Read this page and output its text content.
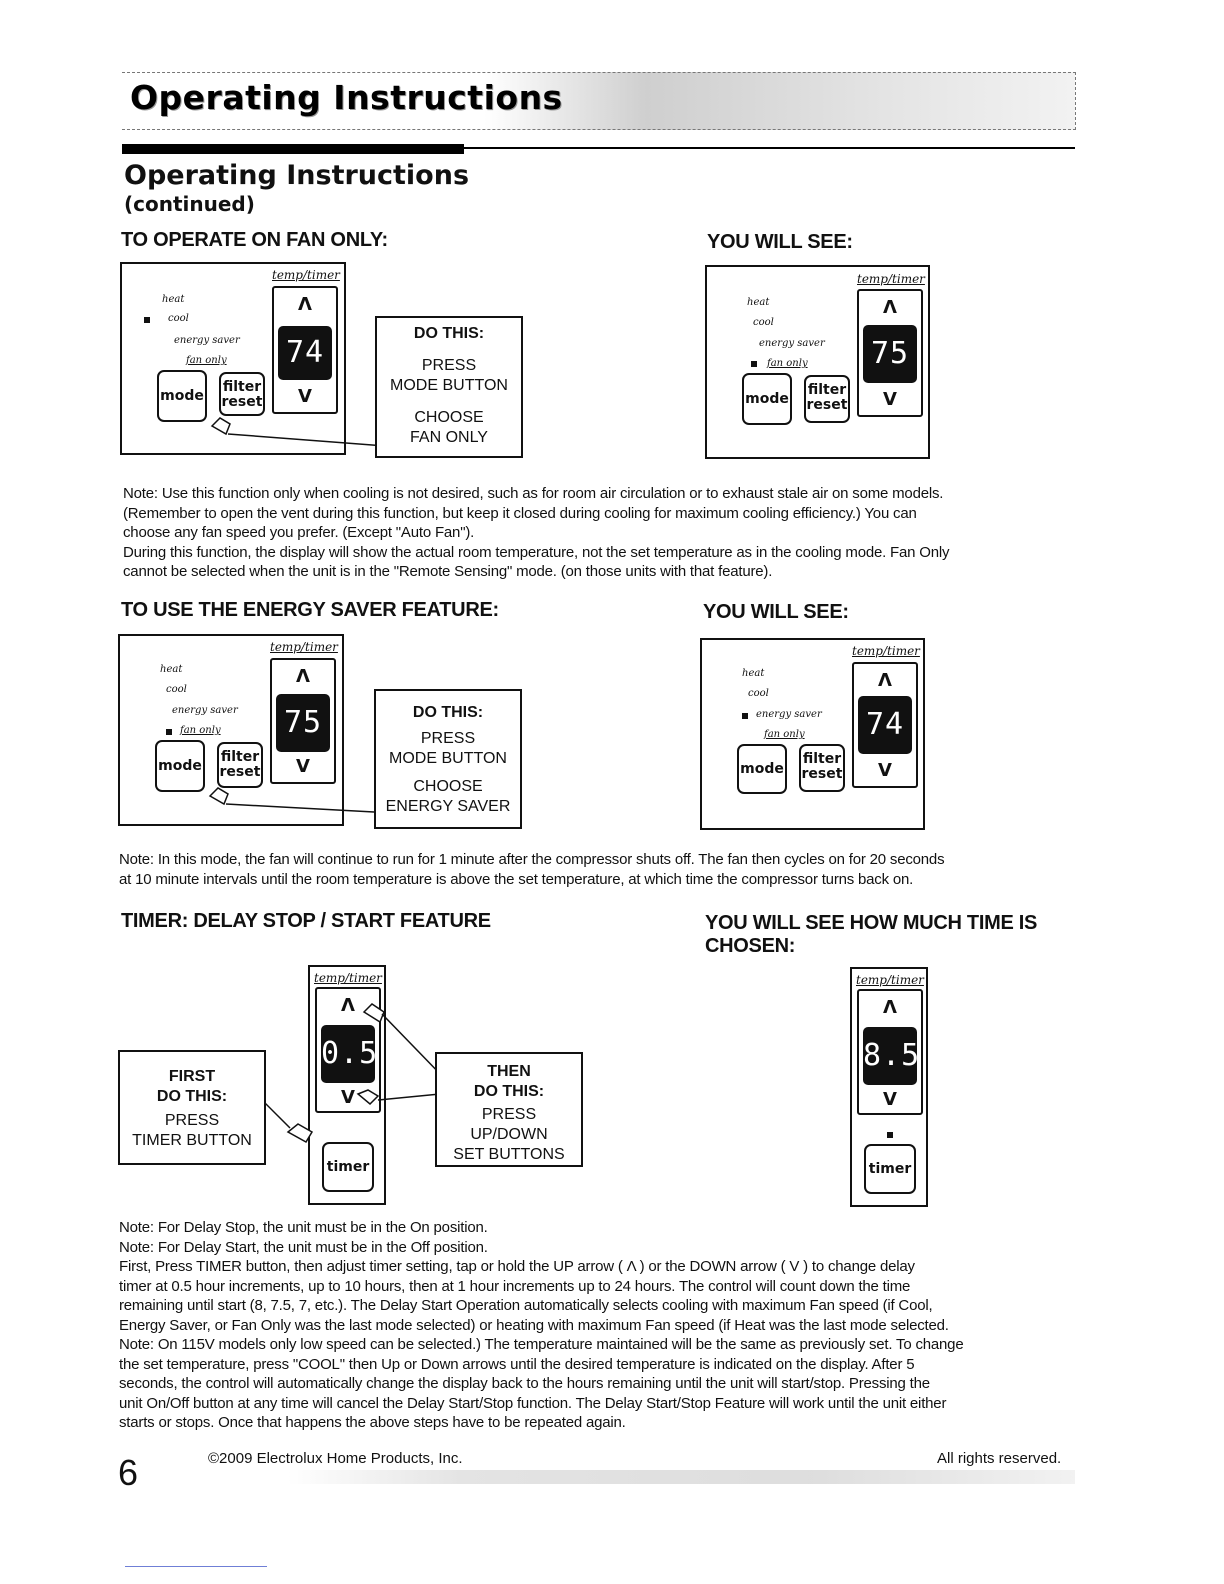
Operating Instructions
Operating Instructions
(continued)
TO OPERATE ON FAN ONLY:	YOU WILL SEE:
temp/timer
heat
cool
energy saver
fan only
Λ
74
V
mode
filter
reset
DO THIS:
PRESS
MODE BUTTON
CHOOSE
FAN ONLY
temp/timer
heat
cool
energy saver
fan only
Λ
75
V
mode
filter
reset
Note: Use this function only when cooling is not desired, such as for room air circulation or to exhaust stale air on some models.
(Remember to open the vent during this function, but keep it closed during cooling for maximum cooling efficiency.) You can
choose any fan speed you prefer. (Except "Auto Fan").
During this function, the display will show the actual room temperature, not the set temperature as in the cooling mode. Fan Only
cannot be selected when the unit is in the "Remote Sensing" mode. (on those units with that feature).
TO USE THE ENERGY SAVER FEATURE:	YOU WILL SEE:
temp/timer
heat
cool
energy saver
fan only
Λ
75
V
mode
filter
reset
DO THIS:
PRESS
MODE BUTTON
CHOOSE
ENERGY SAVER
temp/timer
heat
cool
energy saver
fan only
Λ
74
V
mode
filter
reset
Note: In this mode, the fan will continue to run for 1 minute after the compressor shuts off. The fan then cycles on for 20 seconds
at 10 minute intervals until the room temperature is above the set temperature, at which time the compressor turns back on.
TIMER: DELAY STOP / START FEATURE	YOU WILL SEE HOW MUCH TIME IS
CHOSEN:
temp/timer
Λ
0.5
V
timer
FIRST
DO THIS:
PRESS
TIMER BUTTON
THEN
DO THIS:
PRESS
UP/DOWN
SET BUTTONS
temp/timer
Λ
8.5
V
timer
Note: For Delay Stop, the unit must be in the On position.
Note: For Delay Start, the unit must be in the Off position.
First, Press TIMER button, then adjust timer setting, tap or hold the UP arrow ( Λ ) or the DOWN arrow ( V ) to change delay
timer at 0.5 hour increments, up to 10 hours, then at 1 hour increments up to 24 hours. The control will count down the time
remaining until start (8, 7.5, 7, etc.). The Delay Start Operation automatically selects cooling with maximum Fan speed (if Cool,
Energy Saver, or Fan Only was the last mode selected) or heating with maximum Fan speed (if Heat was the last mode selected.
Note: On 115V models only low speed can be selected.) The temperature maintained will be the same as previously set. To change
the set temperature, press "COOL" then Up or Down arrows until the desired temperature is indicated on the display. After 5
seconds, the control will automatically change the display back to the hours remaining until the unit will start/stop. Pressing the
unit On/Off button at any time will cancel the Delay Start/Stop function. The Delay Start/Stop Feature will work until the unit either
starts or stops. Once that happens the above steps have to be repeated again.
6	©2009 Electrolux Home Products, Inc.	All rights reserved.
